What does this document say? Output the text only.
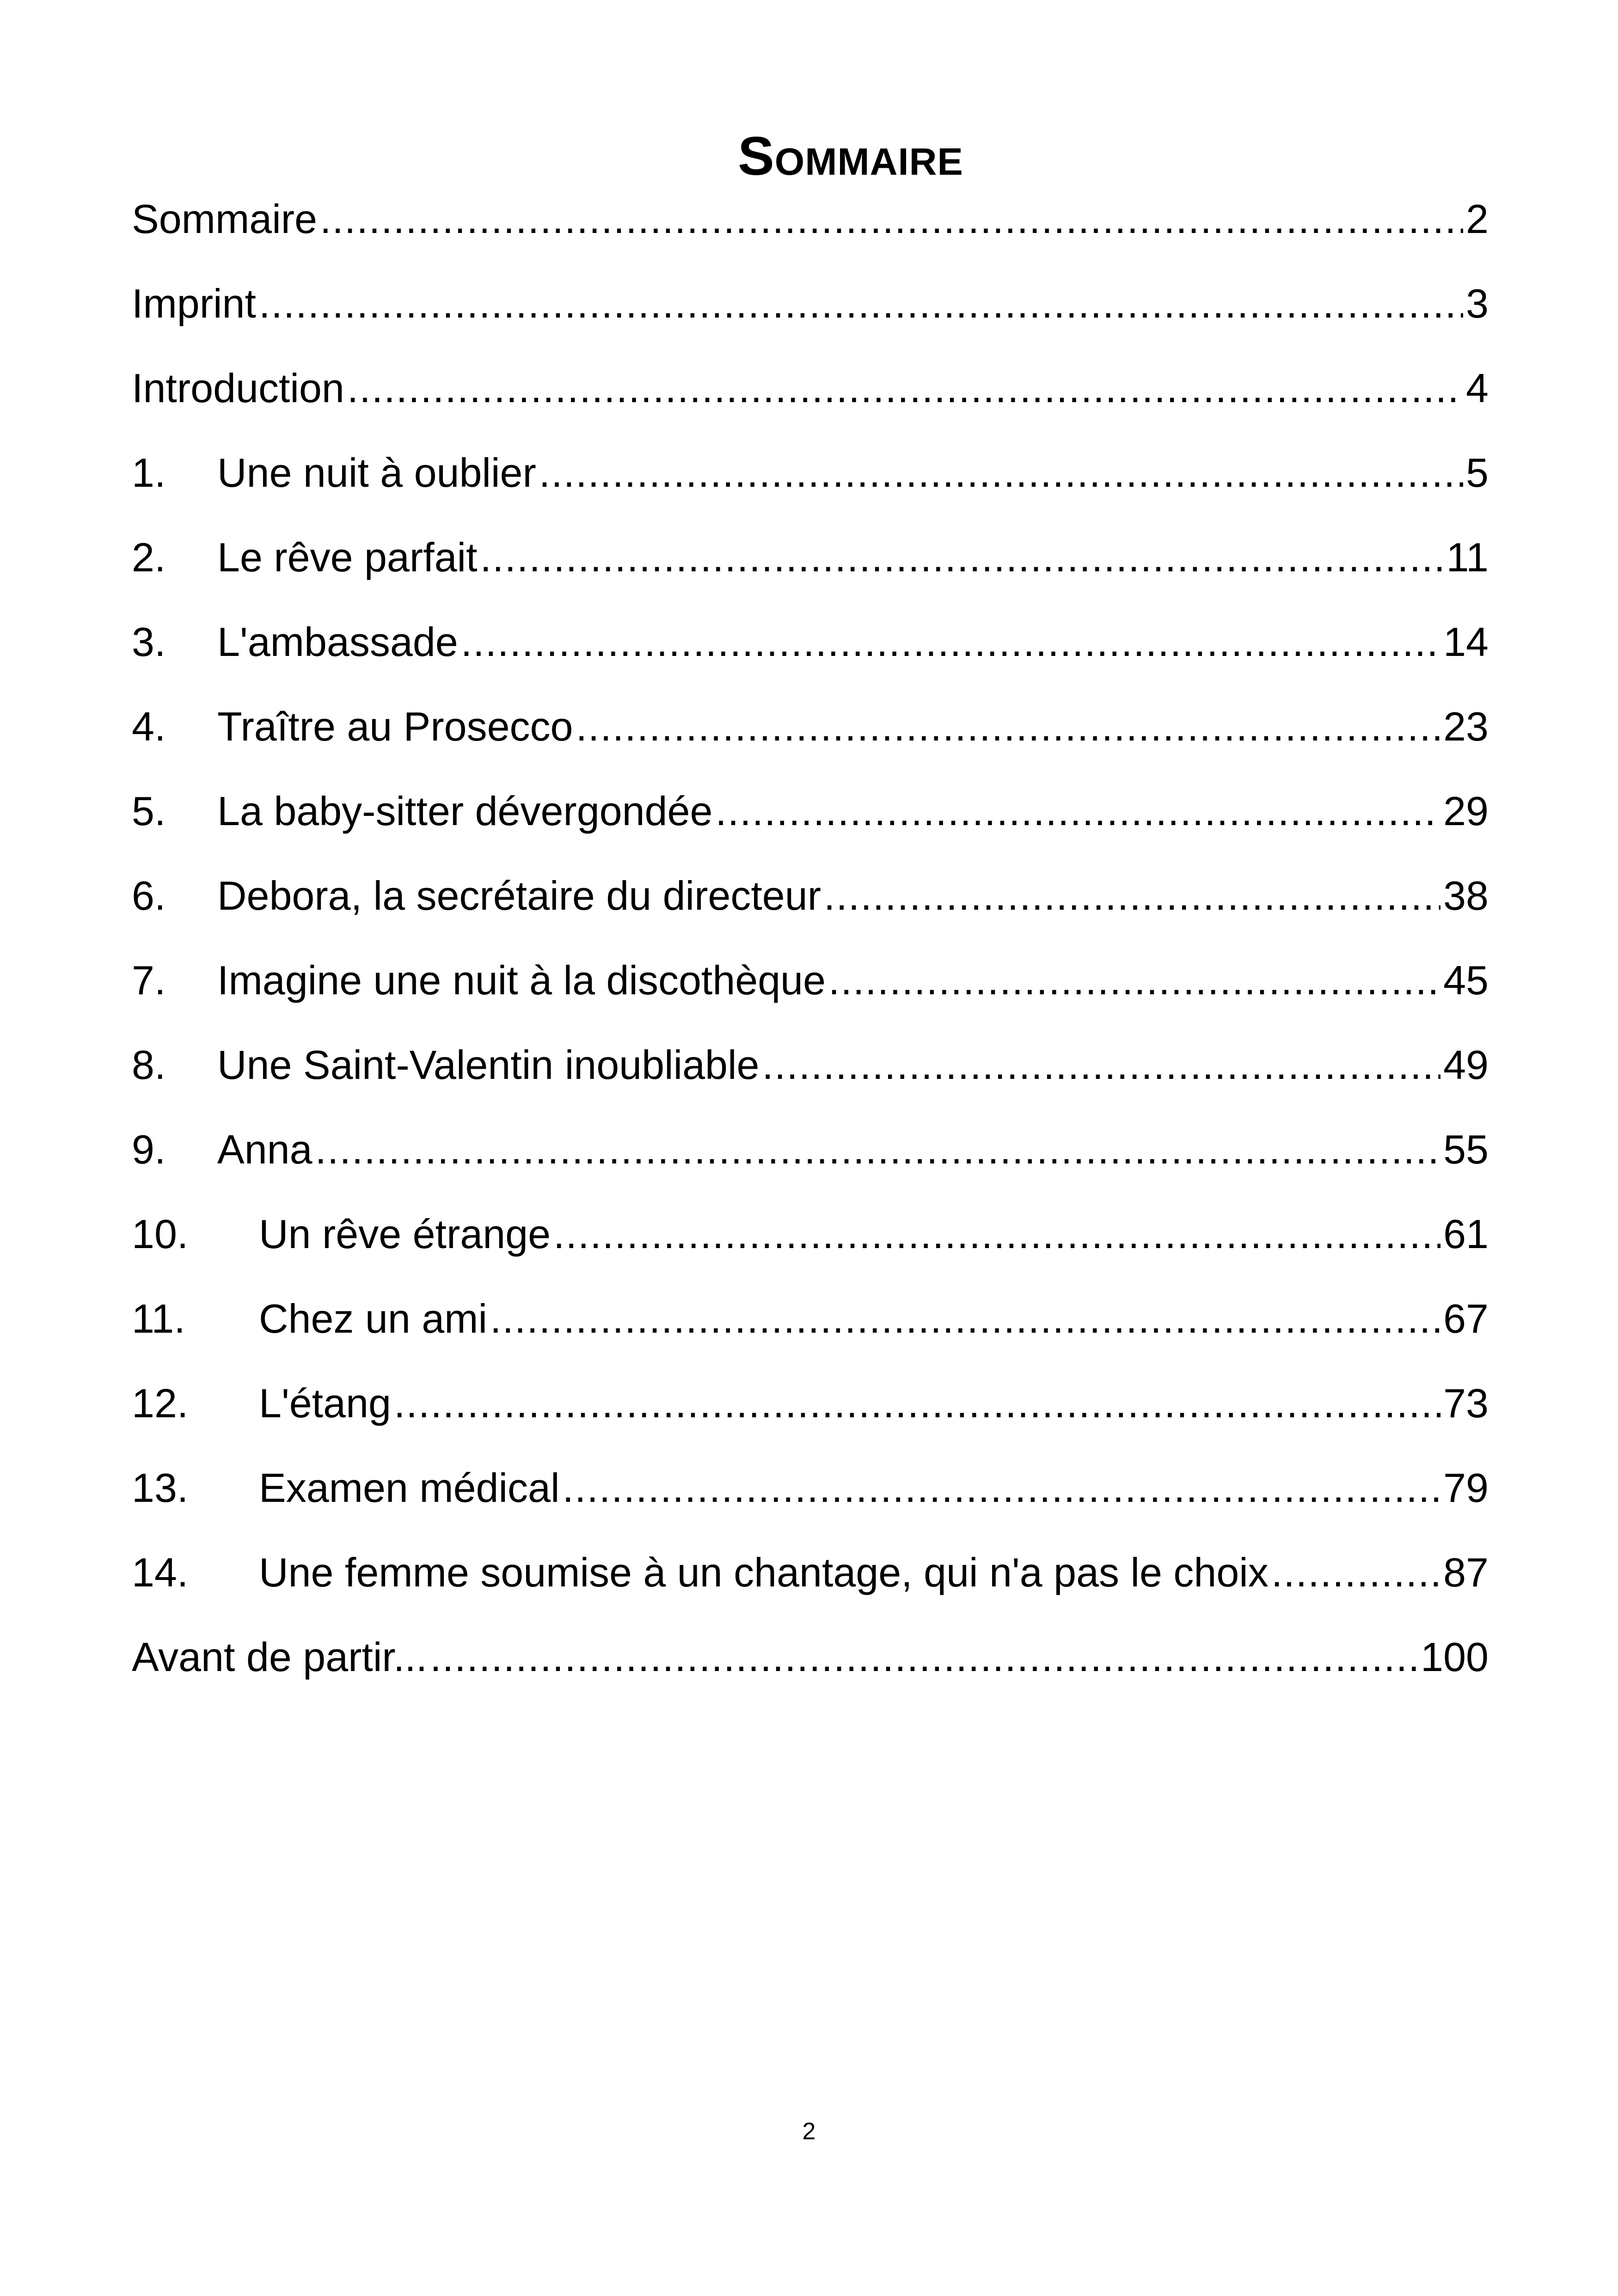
Sommaire
Sommaire .....	2
Imprint .....	3
Introduction .....	4
1.	Une nuit à oublier .....	5
2.	Le rêve parfait .....	11
3.	L'ambassade .....	14
4.	Traître au Prosecco .....	23
5.	La baby-sitter dévergondée .....	29
6.	Debora, la secrétaire du directeur .....	38
7.	Imagine une nuit à la discothèque .....	45
8.	Une Saint-Valentin inoubliable .....	49
9.	Anna .....	55
10.	Un rêve étrange .....	61
11.	Chez un ami .....	67
12.	L'étang .....	73
13.	Examen médical .....	79
14.	Une femme soumise à un chantage, qui n'a pas le choix .....	87
Avant de partir... .....	100
2
